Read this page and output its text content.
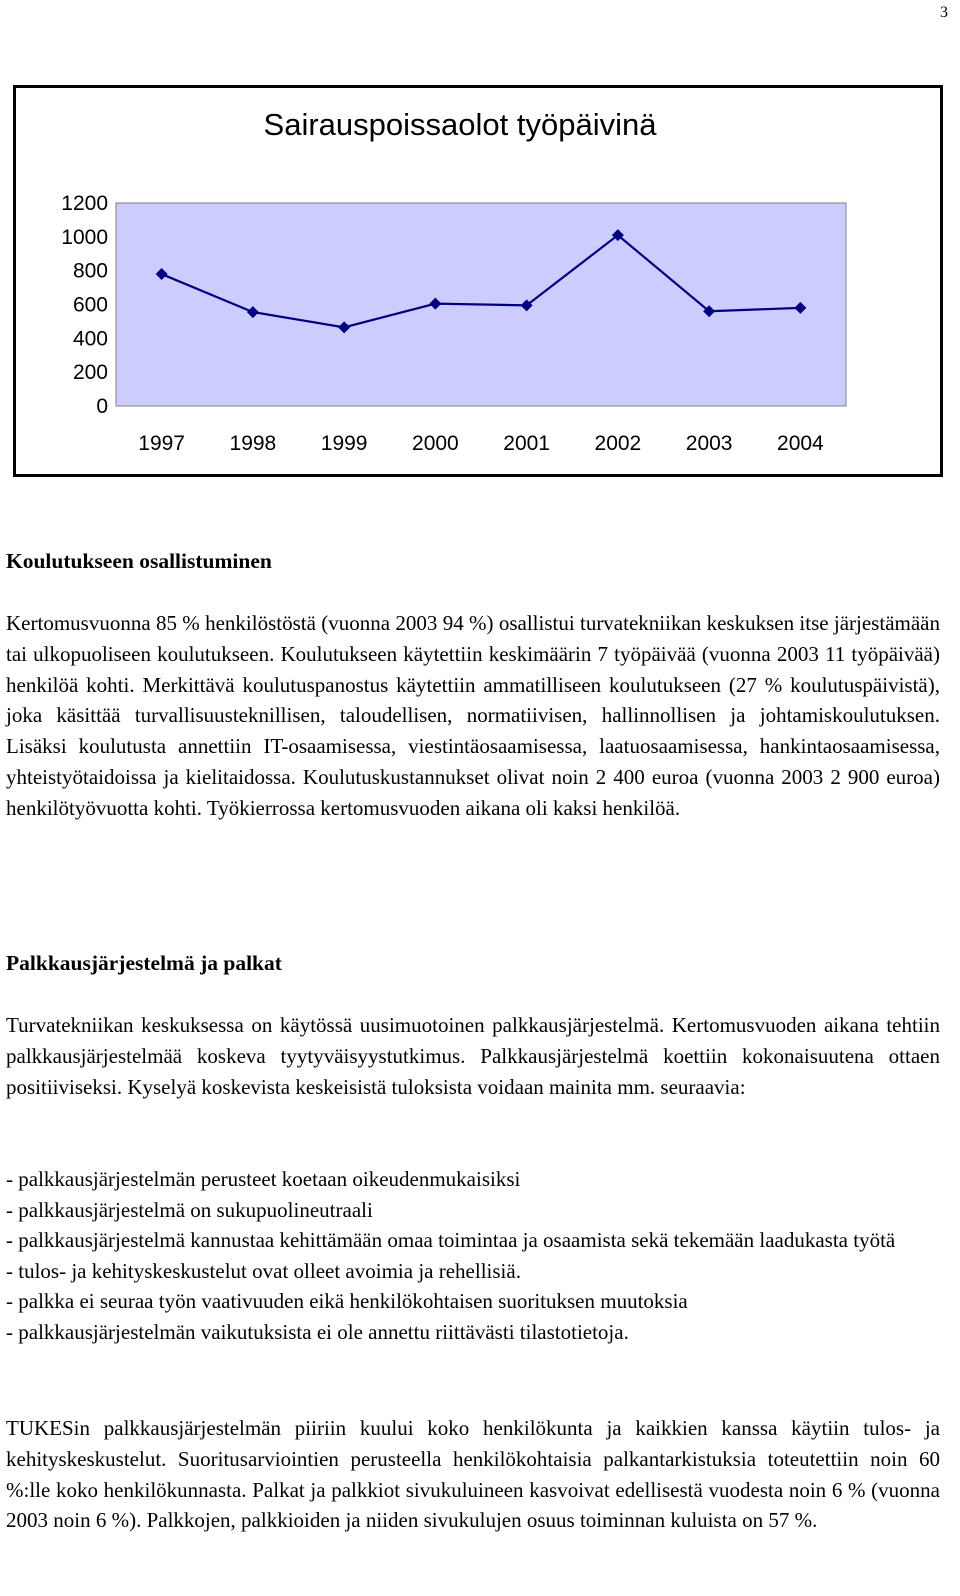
3
Sairauspoissaolot työpäivinä
1200
1000
800
600
400
200
0
1997 1998 1999 2000 2001 2002 2003 2004
Koulutukseen osallistuminen

Kertomusvuonna 85 % henkilöstöstä (vuonna 2003 94 %) osallistui turvatekniikan keskuksen itse järjestämään tai ulkopuoliseen koulutukseen. Koulutukseen käytettiin keskimäärin 7 työpäivää (vuonna 2003 11 työpäivää) henkilöä kohti. Merkittävä koulutuspanostus käytettiin ammatilliseen koulutukseen (27 % koulutuspäivistä), joka käsittää turvallisuusteknillisen, taloudellisen, normatiivisen, hallinnollisen ja johtamiskoulutuksen. Lisäksi koulutusta annettiin IT-osaamisessa, viestintäosaamisessa, laatuosaamisessa, hankintaosaamisessa, yhteistyötaidoissa ja kielitaidossa. Koulutuskustannukset olivat noin 2 400 euroa (vuonna 2003 2 900 euroa) henkilötyövuotta kohti. Työkierrossa kertomusvuoden aikana oli kaksi henkilöä.

Palkkausjärjestelmä ja palkat

Turvatekniikan keskuksessa on käytössä uusimuotoinen palkkausjärjestelmä. Kertomusvuoden aikana tehtiin palkkausjärjestelmää koskeva tyytyväisyystutkimus. Palkkausjärjestelmä koettiin kokonaisuutena ottaen positiiviseksi. Kyselyä koskevista keskeisistä tuloksista voidaan mainita mm. seuraavia:

- palkkausjärjestelmän perusteet koetaan oikeudenmukaisiksi
- palkkausjärjestelmä on sukupuolineutraali
- palkkausjärjestelmä kannustaa kehittämään omaa toimintaa ja osaamista sekä tekemään laadukasta työtä
- tulos- ja kehityskeskustelut ovat olleet avoimia ja rehellisiä.
- palkka ei seuraa työn vaativuuden eikä henkilökohtaisen suorituksen muutoksia
- palkkausjärjestelmän vaikutuksista ei ole annettu riittävästi tilastotietoja.

TUKESin palkkausjärjestelmän piiriin kuului koko henkilökunta ja kaikkien kanssa käytiin tulos- ja kehityskeskustelut. Suoritusarviointien perusteella henkilökohtaisia palkantarkistuksia toteutettiin noin 60 %:lle koko henkilökunnasta. Palkat ja palkkiot sivukuluineen kasvoivat edellisestä vuodesta noin 6 % (vuonna 2003 noin 6 %). Palkkojen, palkkioiden ja niiden sivukulujen osuus toiminnan kuluista on 57 %.
